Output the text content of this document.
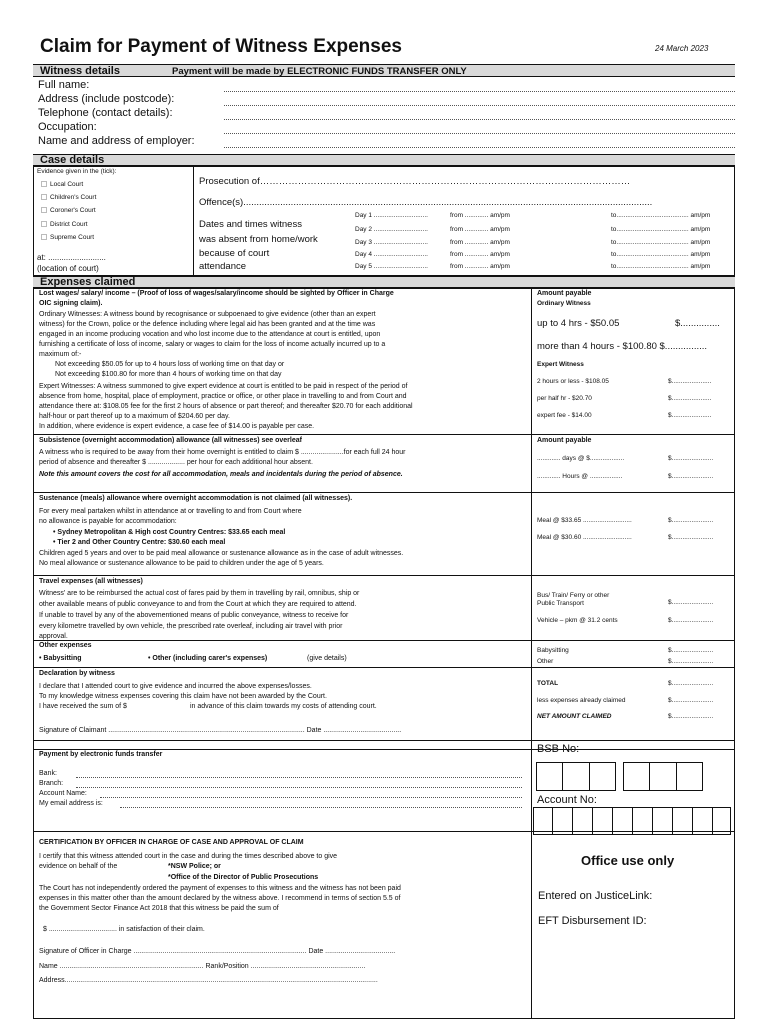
Claim for Payment of Witness Expenses	24 March 2023
Witness details	Payment will be made by ELECTRONIC FUNDS TRANSFER ONLY
Full name:
Address (include postcode):
Telephone (contact details):
Occupation:
Name and address of employer:
Case details
Evidence given in the (tick):
Local Court
Children's Court
Coroner's Court
District Court
Supreme Court
at: ..........................
(location of court)
Prosecution of………………………………………………………………………………………………………
Offence(s)...........................................................................................................................................................
Dates and times witness
was absent from home/work
because of court
attendance
Day 1 ..............................	from ............. am/pm	to........................................ am/pm
Day 2 ..............................	from ............. am/pm	to........................................ am/pm
Day 3 ..............................	from ............. am/pm	to........................................ am/pm
Day 4 ..............................	from ............. am/pm	to........................................ am/pm
Day 5 ..............................	from ............. am/pm	to........................................ am/pm
Expenses claimed
Lost wages/ salary/ income – (Proof of loss of wages/salary/income should be sighted by Officer in Charge
OIC signing claim).
Ordinary Witnesses: A witness bound by recognisance or subpoenaed to give evidence (other than an expert
witness) for the Crown, police or the defence including where legal aid has been granted and at the time was
engaged in an income producing vocation and who lost income due to the attendance at court is entitled, upon
furnishing a certificate of loss of income, salary or wages to claim for the loss of income actually incurred up to a
maximum of:-
Not exceeding $50.05 for up to 4 hours loss of working time on that day or
Not exceeding $100.80 for more than 4 hours of working time on that day
Expert Witnesses: A witness summoned to give expert evidence at court is entitled to be paid in respect of the period of
absence from home, hospital, place of employment, practice or office, or other place in travelling to and from Court and
attendance there at: $108.05 fee for the first 2 hours of absence or part thereof; and thereafter $20.70 for each additional
half-hour or part thereof up to a maximum of $204.60 per day.
In addition, where evidence is expert evidence, a case fee of $14.00 is payable per case.
Amount payable
Ordinary Witness
up to 4 hrs - $50.05	$...............
more than 4 hours - $100.80 $................
Expert Witness
2 hours or less - $108.05	$......................
per half hr - $20.70	$......................
expert fee - $14.00	$......................
Subsistence (overnight accommodation) allowance (all witnesses) see overleaf
A witness who is required to be away from their home overnight is entitled to claim $ ......................for each full 24 hour
period of absence and thereafter $ ................... per hour for each additional hour absent.
Note this amount covers the cost for all accommodation, meals and incidentals during the period of absence.
Amount payable
............. days @ $...................	$.......................
............. Hours @ ..................	$.......................
Sustenance (meals) allowance where overnight accommodation is not claimed (all witnesses).
For every meal partaken whilst in attendance at or travelling to and from Court where
no allowance is payable for accommodation:
• Sydney Metropolitan & High cost Country Centres: $33.65 each meal
• Tier 2 and Other Country Centre: $30.60 each meal
Children aged 5 years and over to be paid meal allowance or sustenance allowance as in the case of adult witnesses.
No meal allowance or sustenance allowance to be paid to children under the age of 5 years.
Meal @ $33.65 ...........................	$.......................
Meal @ $30.60 ...........................	$.......................
Travel expenses (all witnesses)
Witness' are to be reimbursed the actual cost of fares paid by them in travelling by rail, omnibus, ship or
other available means of public conveyance to and from the Court at which they are required to attend.
If unable to travel by any of the abovementioned means of public conveyance, witness to receive for
every kilometre travelled by own vehicle, the prescribed rate overleaf, including air travel with prior
approval.
Bus/ Train/ Ferry or other
Public Transport	$.......................
Vehicle – pkm @ 31.2 cents	$.......................
Other expenses
• Babysitting	• Other (including carer's expenses)	(give details)
Babysitting	$.......................
Other	$.......................
Declaration by witness
I declare that I attended court to give evidence and incurred the above expenses/losses.
To my knowledge witness expenses covering this claim have not been awarded by the Court.
I have received the sum of $	in advance of this claim towards my costs of attending court.
Signature of Claimant ..................................................................................................... Date ........................................
TOTAL	$.......................
less expenses already claimed	$.......................
NET AMOUNT CLAIMED	$.......................
Payment by electronic funds transfer
Bank:
Branch:
Account Name:
My email address is:
BSB No:
Account No:
CERTIFICATION BY OFFICER IN CHARGE OF CASE AND APPROVAL OF CLAIM
I certify that this witness attended court in the case and during the times described above to give
evidence on behalf of the	*NSW Police; or
*Office of the Director of Public Prosecutions
The Court has not independently ordered the payment of expenses to this witness and the witness has not been paid
expenses in this matter other than the amount declared by the witness above. I recommend in terms of section 5.5 of
the Government Sector Finance Act 2018 that this witness be paid the sum of
$ ................................... in satisfaction of their claim.
Signature of Officer in Charge ......................................................................................... Date ....................................
Name .......................................................................... Rank/Position ...........................................................
Address.................................................................................................................................................................
Office use only
Entered on JusticeLink:
EFT Disbursement ID:
